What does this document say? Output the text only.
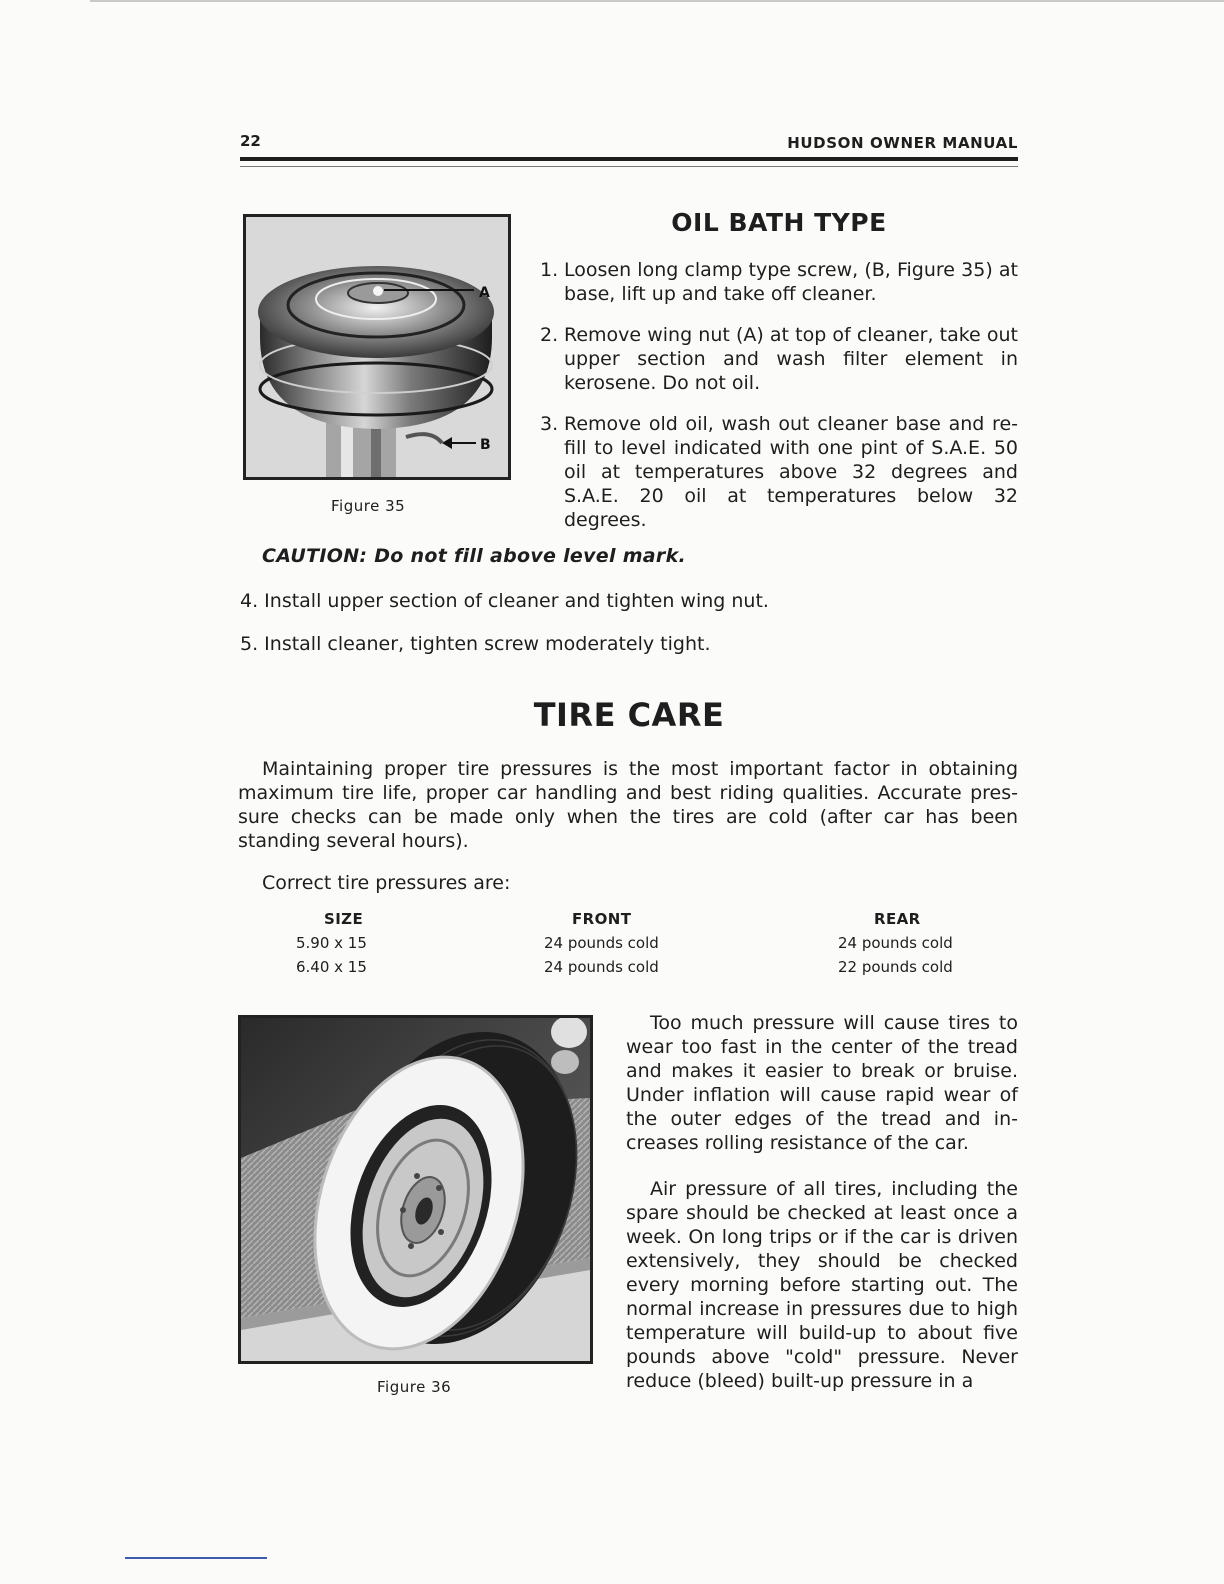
22	HUDSON OWNER MANUAL
A
B
Figure 35
OIL BATH TYPE
1. Loosen long clamp type screw, (B, Figure 35) at base, lift up and take off cleaner.
2. Remove wing nut (A) at top of cleaner, take out upper section and wash filter element in kerosene. Do not oil.
3. Remove old oil, wash out cleaner base and re-fill to level indicated with one pint of S.A.E. 50 oil at temperatures above 32 degrees and S.A.E. 20 oil at temperatures below 32 degrees.
CAUTION: Do not fill above level mark.
4. Install upper section of cleaner and tighten wing nut.
5. Install cleaner, tighten screw moderately tight.
TIRE CARE

Maintaining proper tire pressures is the most important factor in obtaining maximum tire life, proper car handling and best riding qualities. Accurate pres-sure checks can be made only when the tires are cold (after car has been standing several hours).

Correct tire pressures are:
SIZE	FRONT	REAR
5.90 x 15	24 pounds cold	24 pounds cold
6.40 x 15	24 pounds cold	22 pounds cold
Figure 36

Too much pressure will cause tires to wear too fast in the center of the tread and makes it easier to break or bruise. Under inflation will cause rapid wear of the outer edges of the tread and in-creases rolling resistance of the car.

Air pressure of all tires, including the spare should be checked at least once a week. On long trips or if the car is driven extensively, they should be checked every morning before starting out. The normal increase in pressures due to high temperature will build-up to about five pounds above "cold" pressure. Never reduce (bleed) built-up pressure in a
